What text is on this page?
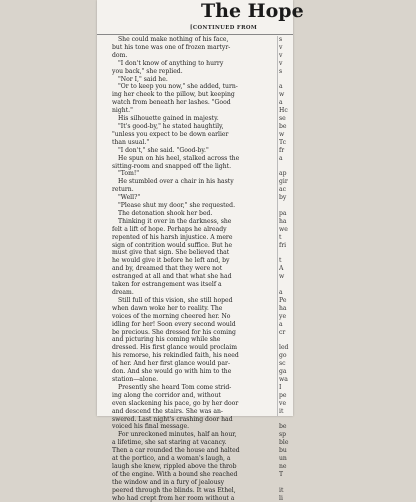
The Hope
[CONTINUED FROM
She could make nothing of his face,
but his tone was one of frozen martyr-
dom.
"I don't know of anything to hurry
you back," she replied.
"Nor I," said he.
"Or to keep you now," she added, turn-
ing her cheek to the pillow, but keeping
watch from beneath her lashes. "Good
night."
His silhouette gained in majesty.
"It's good-by," he stated haughtily,
"unless you expect to be down earlier
than usual."
"I don't," she said. "Good-by."
He spun on his heel, stalked across the
sitting-room and snapped off the light.
"Tom!"
He stumbled over a chair in his hasty
return.
"Well?"
"Please shut my door," she requested.
The detonation shook her bed.
Thinking it over in the darkness, she
felt a lift of hope. Perhaps he already
repented of his harsh injustice. A mere
sign of contrition would suffice. But he
must give that sign. She believed that
he would give it before he left and, by
and by, dreamed that they were not
estranged at all and that what she had
taken for estrangement was itself a
dream.
Still full of this vision, she still hoped
when dawn woke her to reality. The
voices of the morning cheered her. No
idling for her! Soon every second would
be precious. She dressed for his coming
and picturing his coming while she
dressed. His first glance would proclaim
his remorse, his rekindled faith, his need
of her. And her first glance would par-
don. And she would go with him to the
station—alone.
Presently she heard Tom come strid-
ing along the corridor and, without
even slackening his pace, go by her door
and descend the stairs. She was an-
swered. Last night's crashing door had
voiced his final message.
For unreckoned minutes, half an hour,
a lifetime, she sat staring at vacancy.
Then a car rounded the house and halted
at the portico, and a woman's laugh, a
laugh she knew, rippled above the throb
of the engine. With a bound she reached
the window and in a fury of jealousy
peered through the blinds. It was Ethel,
who had crept from her room without a
s
v
v
v
s

a
w
a
Hc
se
be
w
Tc
fr
a

ap
gir
ac
by

pa
ha
we
t
fri

t
A
w

a
Pe
ha
ye
a
cr

led
go
sc
ga
wa
I
pe
ve
it

be
sp
ble
bu
un
ne
T

it
li
